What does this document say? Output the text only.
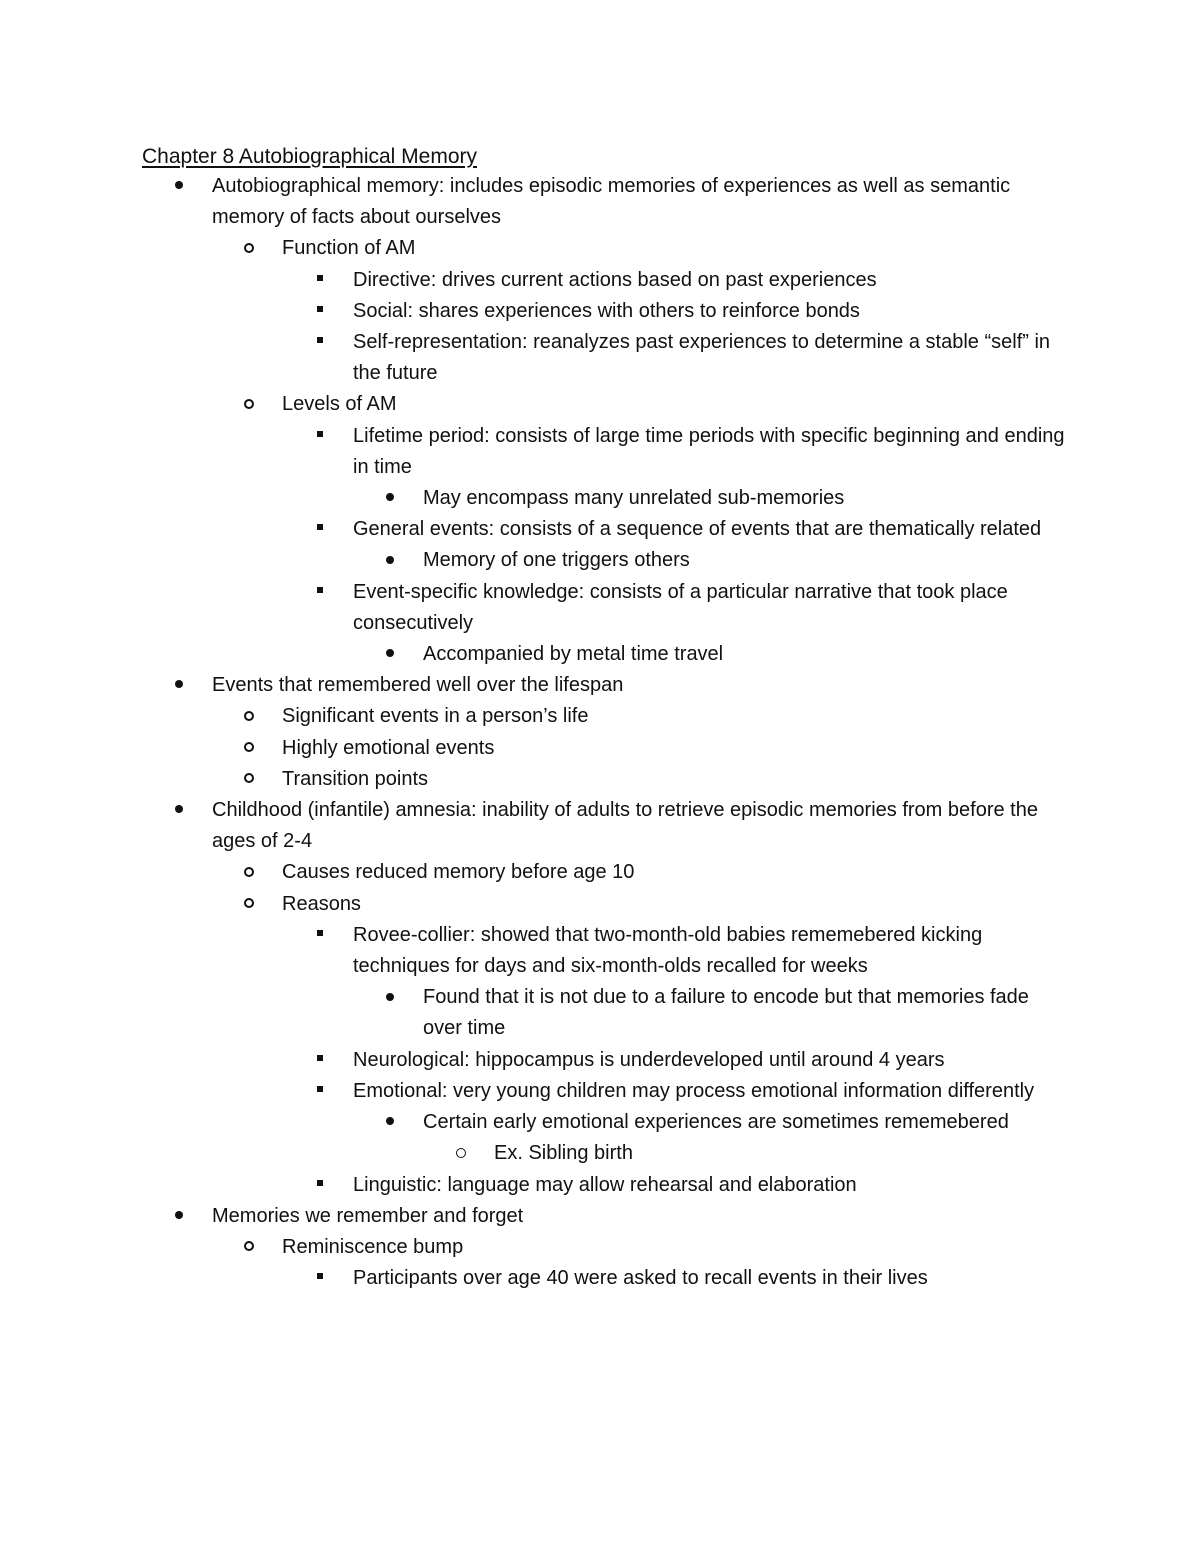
Chapter 8 Autobiographical Memory
Autobiographical memory: includes episodic memories of experiences as well as semantic memory of facts about ourselves
Function of AM
Directive: drives current actions based on past experiences
Social: shares experiences with others to reinforce bonds
Self-representation: reanalyzes past experiences to determine a stable “self” in the future
Levels of AM
Lifetime period: consists of large time periods with specific beginning and ending in time
May encompass many unrelated sub-memories
General events: consists of a sequence of events that are thematically related
Memory of one triggers others
Event-specific knowledge: consists of a particular narrative that took place consecutively
Accompanied by metal time travel
Events that remembered well over the lifespan
Significant events in a person’s life
Highly emotional events
Transition points
Childhood (infantile) amnesia: inability of adults to retrieve episodic memories from before the ages of 2-4
Causes reduced memory before age 10
Reasons
Rovee-collier: showed that two-month-old babies rememebered kicking techniques for days and six-month-olds recalled for weeks
Found that it is not due to a failure to encode but that memories fade over time
Neurological: hippocampus is underdeveloped until around 4 years
Emotional: very young children may process emotional information differently
Certain early emotional experiences are sometimes rememebered
Ex. Sibling birth
Linguistic: language may allow rehearsal and elaboration
Memories we remember and forget
Reminiscence bump
Participants over age 40 were asked to recall events in their lives
